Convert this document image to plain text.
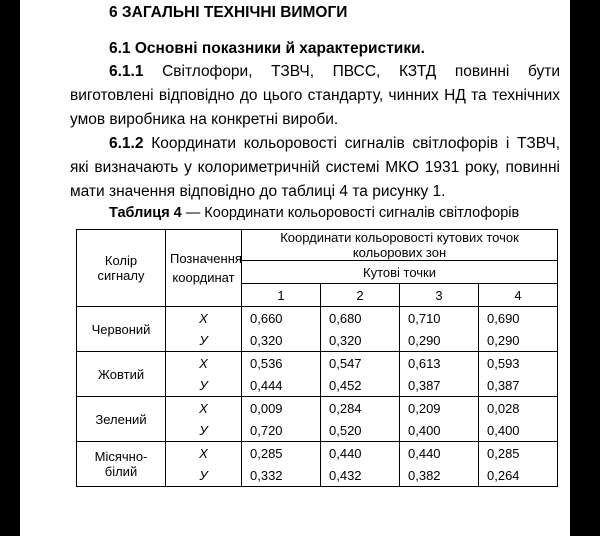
6 ЗАГАЛЬНІ ТЕХНІЧНІ ВИМОГИ
6.1 Основні показники й характеристики.
6.1.1 Світлофори, ТЗВЧ, ПВСС, КЗТД повинні бути виготовлені відповідно до цього стандарту, чинних НД та технічних умов виробника на конкретні вироби.
6.1.2 Координати кольоровості сигналів світлофорів і ТЗВЧ, які визначають у колориметричній системі МКО 1931 року, повинні мати значення відповідно до таблиці 4 та рисунку 1.
Таблиця 4 — Координати кольоровості сигналів світлофорів
Колір сигналу	Позначення координат	Координати кольоровості кутових точок кольорових зон			
		Кутові точки			
		1	2	3	4
Червоний	X	0,660	0,680	0,710	0,690
	У	0,320	0,320	0,290	0,290
Жовтий	X	0,536	0,547	0,613	0,593
	У	0,444	0,452	0,387	0,387
Зелений	X	0,009	0,284	0,209	0,028
	У	0,720	0,520	0,400	0,400
Місячно-білий	X	0,285	0,440	0,440	0,285
	У	0,332	0,432	0,382	0,264
